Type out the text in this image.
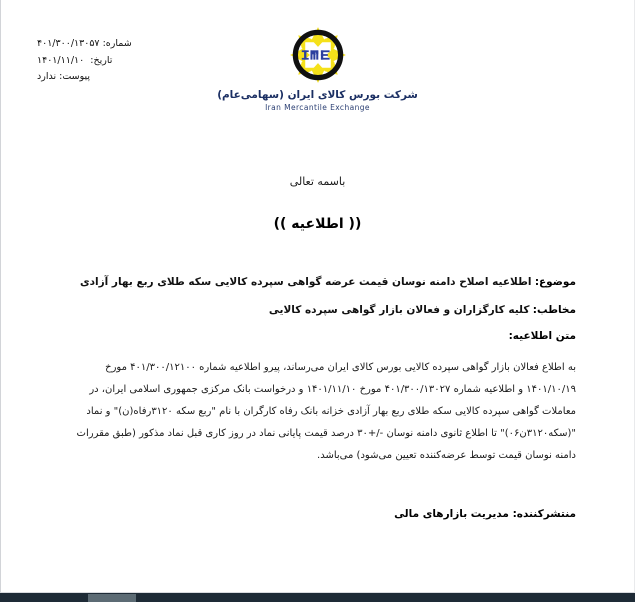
شماره: ۴۰۱/۳۰۰/۱۳۰۵۷
تاریخ:  ۱۴۰۱/۱۱/۱۰
پیوست: ندارد
شرکت بورس کالای ایران (سهامی‌عام)
Iran Mercantile Exchange
باسمه تعالی
(( اطلاعیه ))
موضوع: اطلاعیه اصلاح دامنه نوسان قیمت عرضه گواهی سپرده کالایی سکه طلای ربع بهار آزادی
مخاطب: کلیه کارگزاران و فعالان بازار گواهی سپرده کالایی
متن اطلاعیه:
به اطلاع فعالان بازار گواهی سپرده کالایی بورس کالای ایران می‌رساند، پیرو اطلاعیه شماره ۴۰۱/۳۰۰/۱۲۱۰۰ مورخ
۱۴۰۱/۱۰/۱۹ و اطلاعیه شماره ۴۰۱/۳۰۰/۱۳۰۲۷ مورخ ۱۴۰۱/۱۱/۱۰ و درخواست بانک مرکزی جمهوری اسلامی ایران، در
معاملات گواهی سپرده کالایی سکه طلای ربع بهار آزادی خزانه بانک رفاه کارگران با نام "ربع سکه ۳۱۲۰رفاه(ن)" و نماد
"(سکه۳۱۲۰ن۰۶)" تا اطلاع ثانوی دامنه نوسان -/+۳۰ درصد قیمت پایانی نماد در روز کاری قبل نماد مذکور (طبق مقررات
دامنه نوسان قیمت توسط عرضه‌کننده تعیین می‌شود) می‌باشد.
منتشرکننده: مدیریت بازارهای مالی
